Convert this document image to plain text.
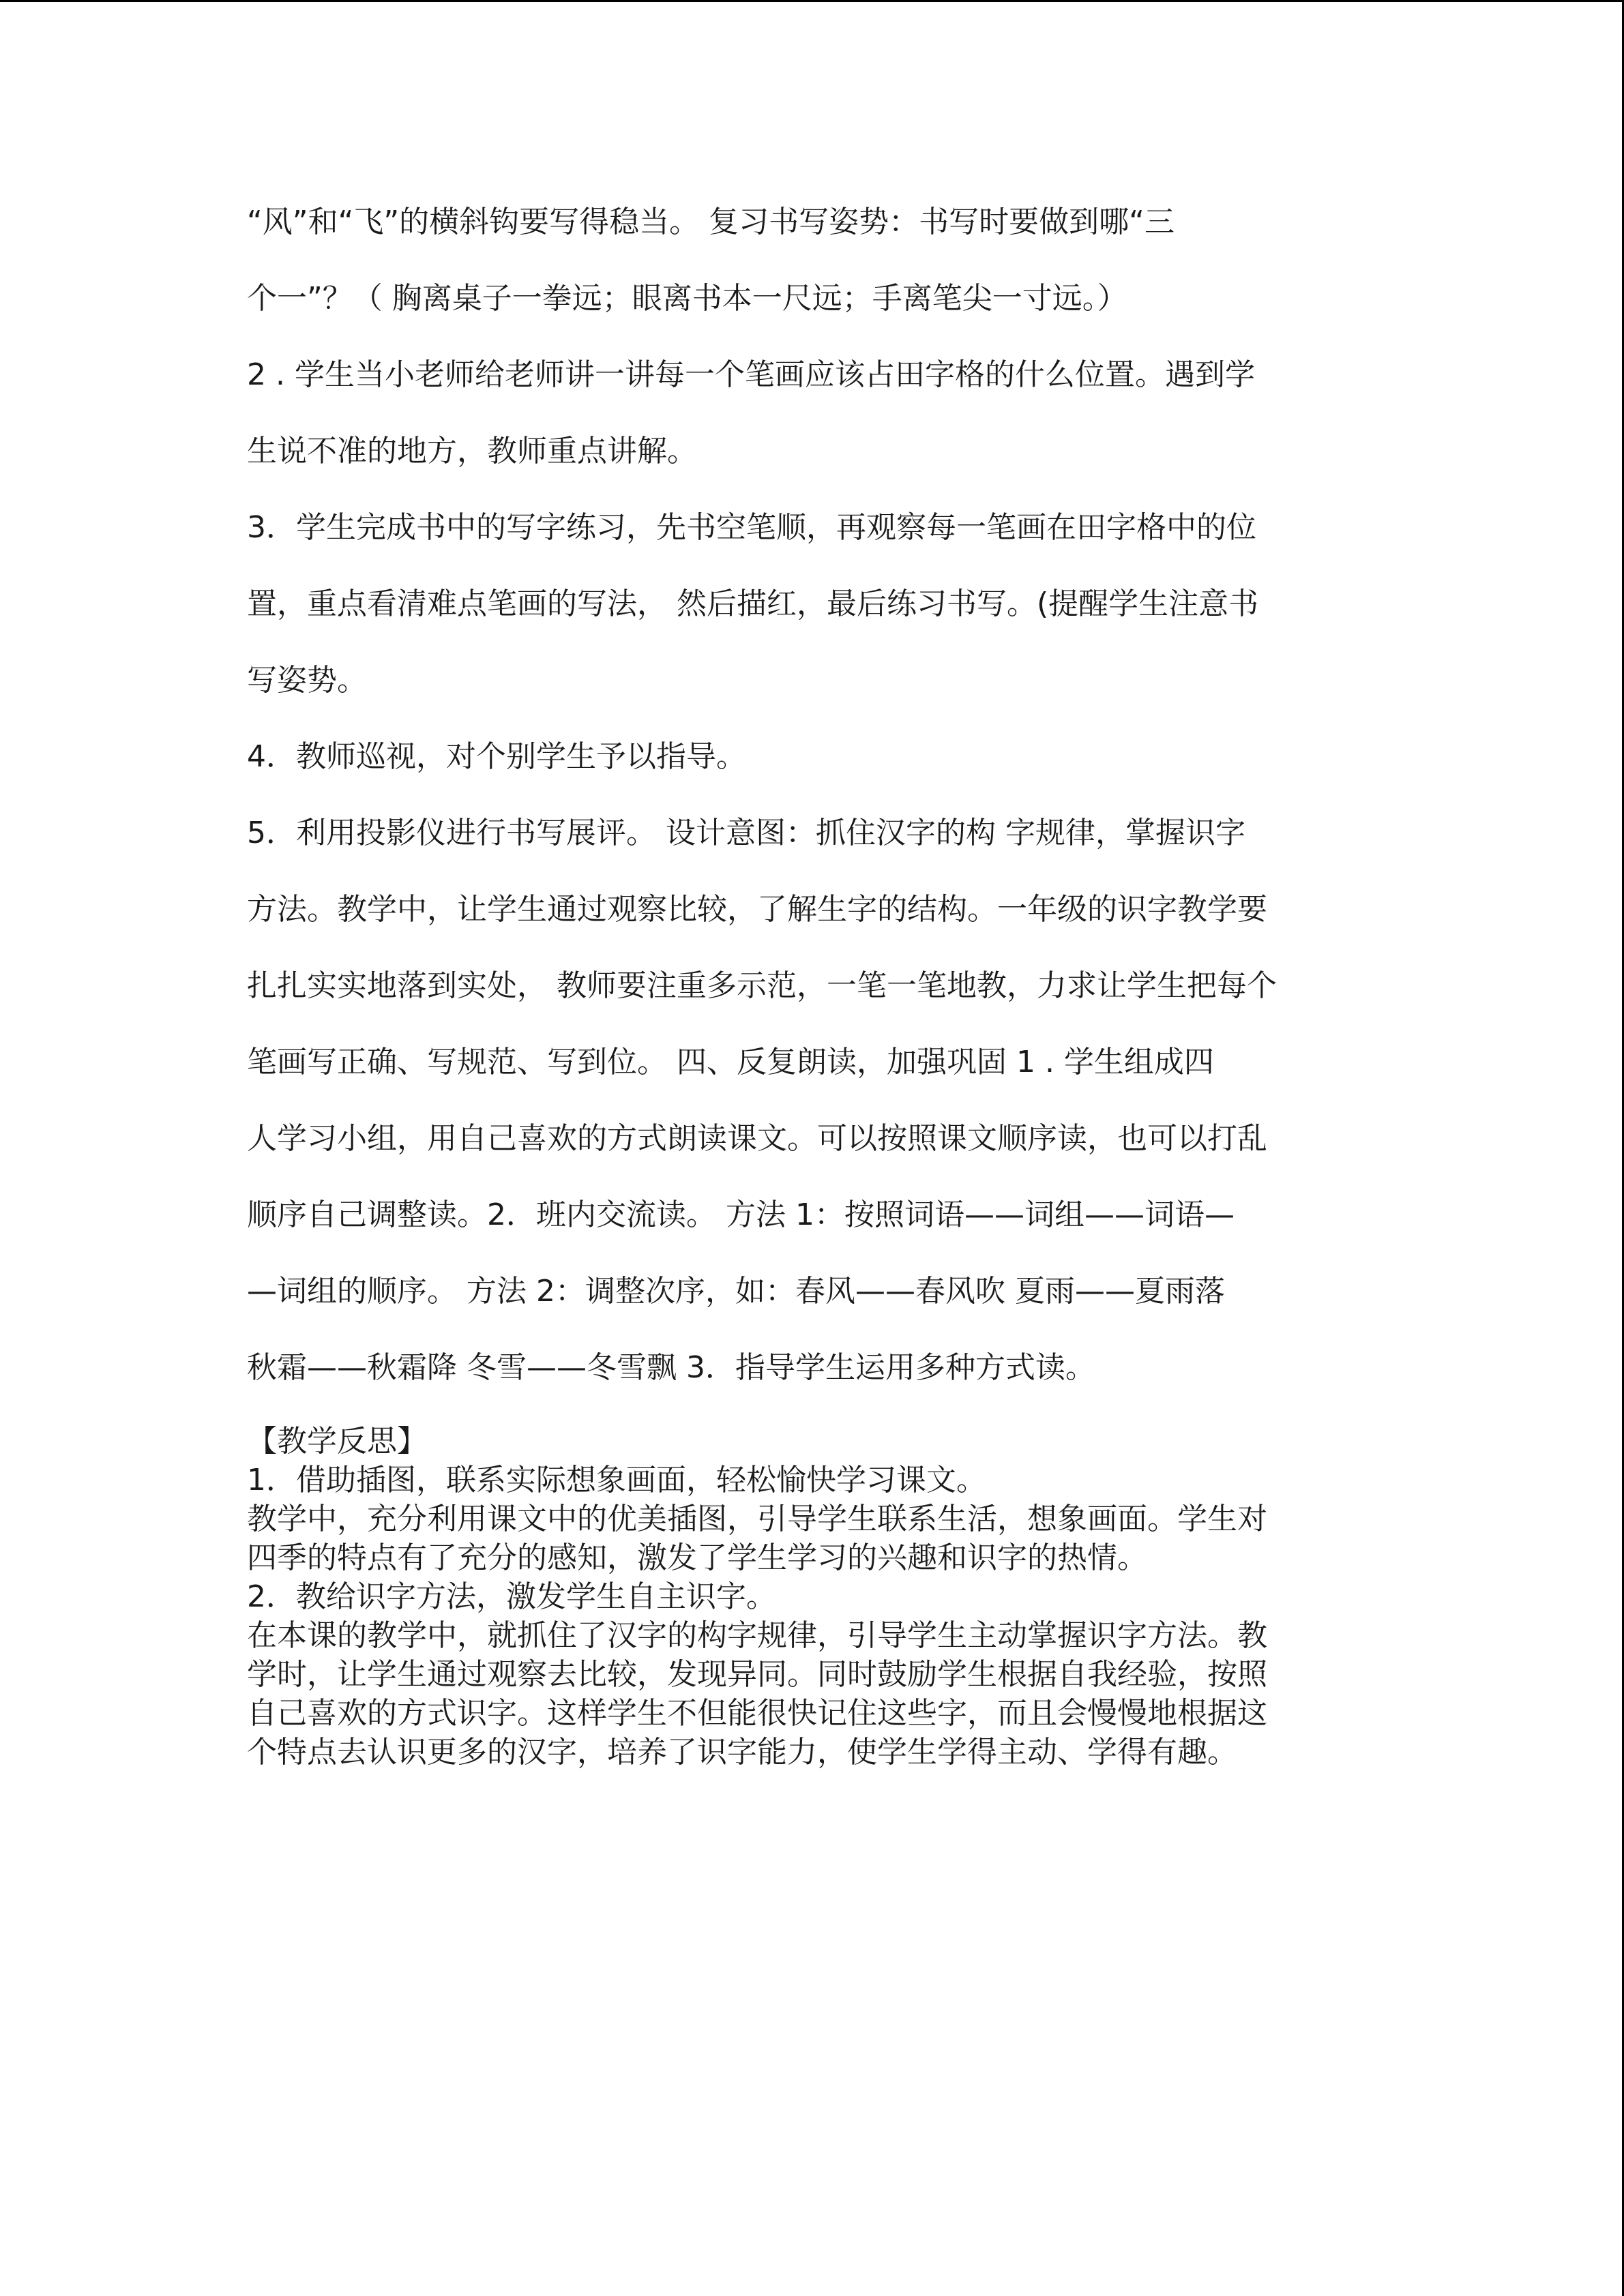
“风”和“飞”的横斜钩要写得稳当。 复习书写姿势：书写时要做到哪“三

个一”？（ 胸离桌子一拳远；眼离书本一尺远；手离笔尖一寸远。）

2 . 学生当小老师给老师讲一讲每一个笔画应该占田字格的什么位置。遇到学

生说不准的地方，教师重点讲解。

3．学生完成书中的写字练习，先书空笔顺，再观察每一笔画在田字格中的位

置，重点看清难点笔画的写法， 然后描红，最后练习书写。(提醒学生注意书

写姿势。

4．教师巡视，对个别学生予以指导。

5．利用投影仪进行书写展评。 设计意图：抓住汉字的构 字规律，掌握识字

方法。教学中，让学生通过观察比较，了解生字的结构。一年级的识字教学要

扎扎实实地落到实处， 教师要注重多示范，一笔一笔地教，力求让学生把每个

笔画写正确、写规范、写到位。 四、反复朗读，加强巩固 1 . 学生组成四

人学习小组，用自己喜欢的方式朗读课文。可以按照课文顺序读，也可以打乱

顺序自己调整读。2．班内交流读。 方法 1：按照词语——词组——词语—

—词组的顺序。 方法 2：调整次序，如：春风——春风吹 夏雨——夏雨落

秋霜——秋霜降 冬雪——冬雪飘 3．指导学生运用多种方式读。

【教学反思】

1．借助插图，联系实际想象画面，轻松愉快学习课文。

教学中，充分利用课文中的优美插图，引导学生联系生活，想象画面。学生对

四季的特点有了充分的感知，激发了学生学习的兴趣和识字的热情。

2．教给识字方法，激发学生自主识字。

在本课的教学中，就抓住了汉字的构字规律，引导学生主动掌握识字方法。教

学时，让学生通过观察去比较，发现异同。同时鼓励学生根据自我经验，按照

自己喜欢的方式识字。这样学生不但能很快记住这些字，而且会慢慢地根据这

个特点去认识更多的汉字，培养了识字能力，使学生学得主动、学得有趣。
